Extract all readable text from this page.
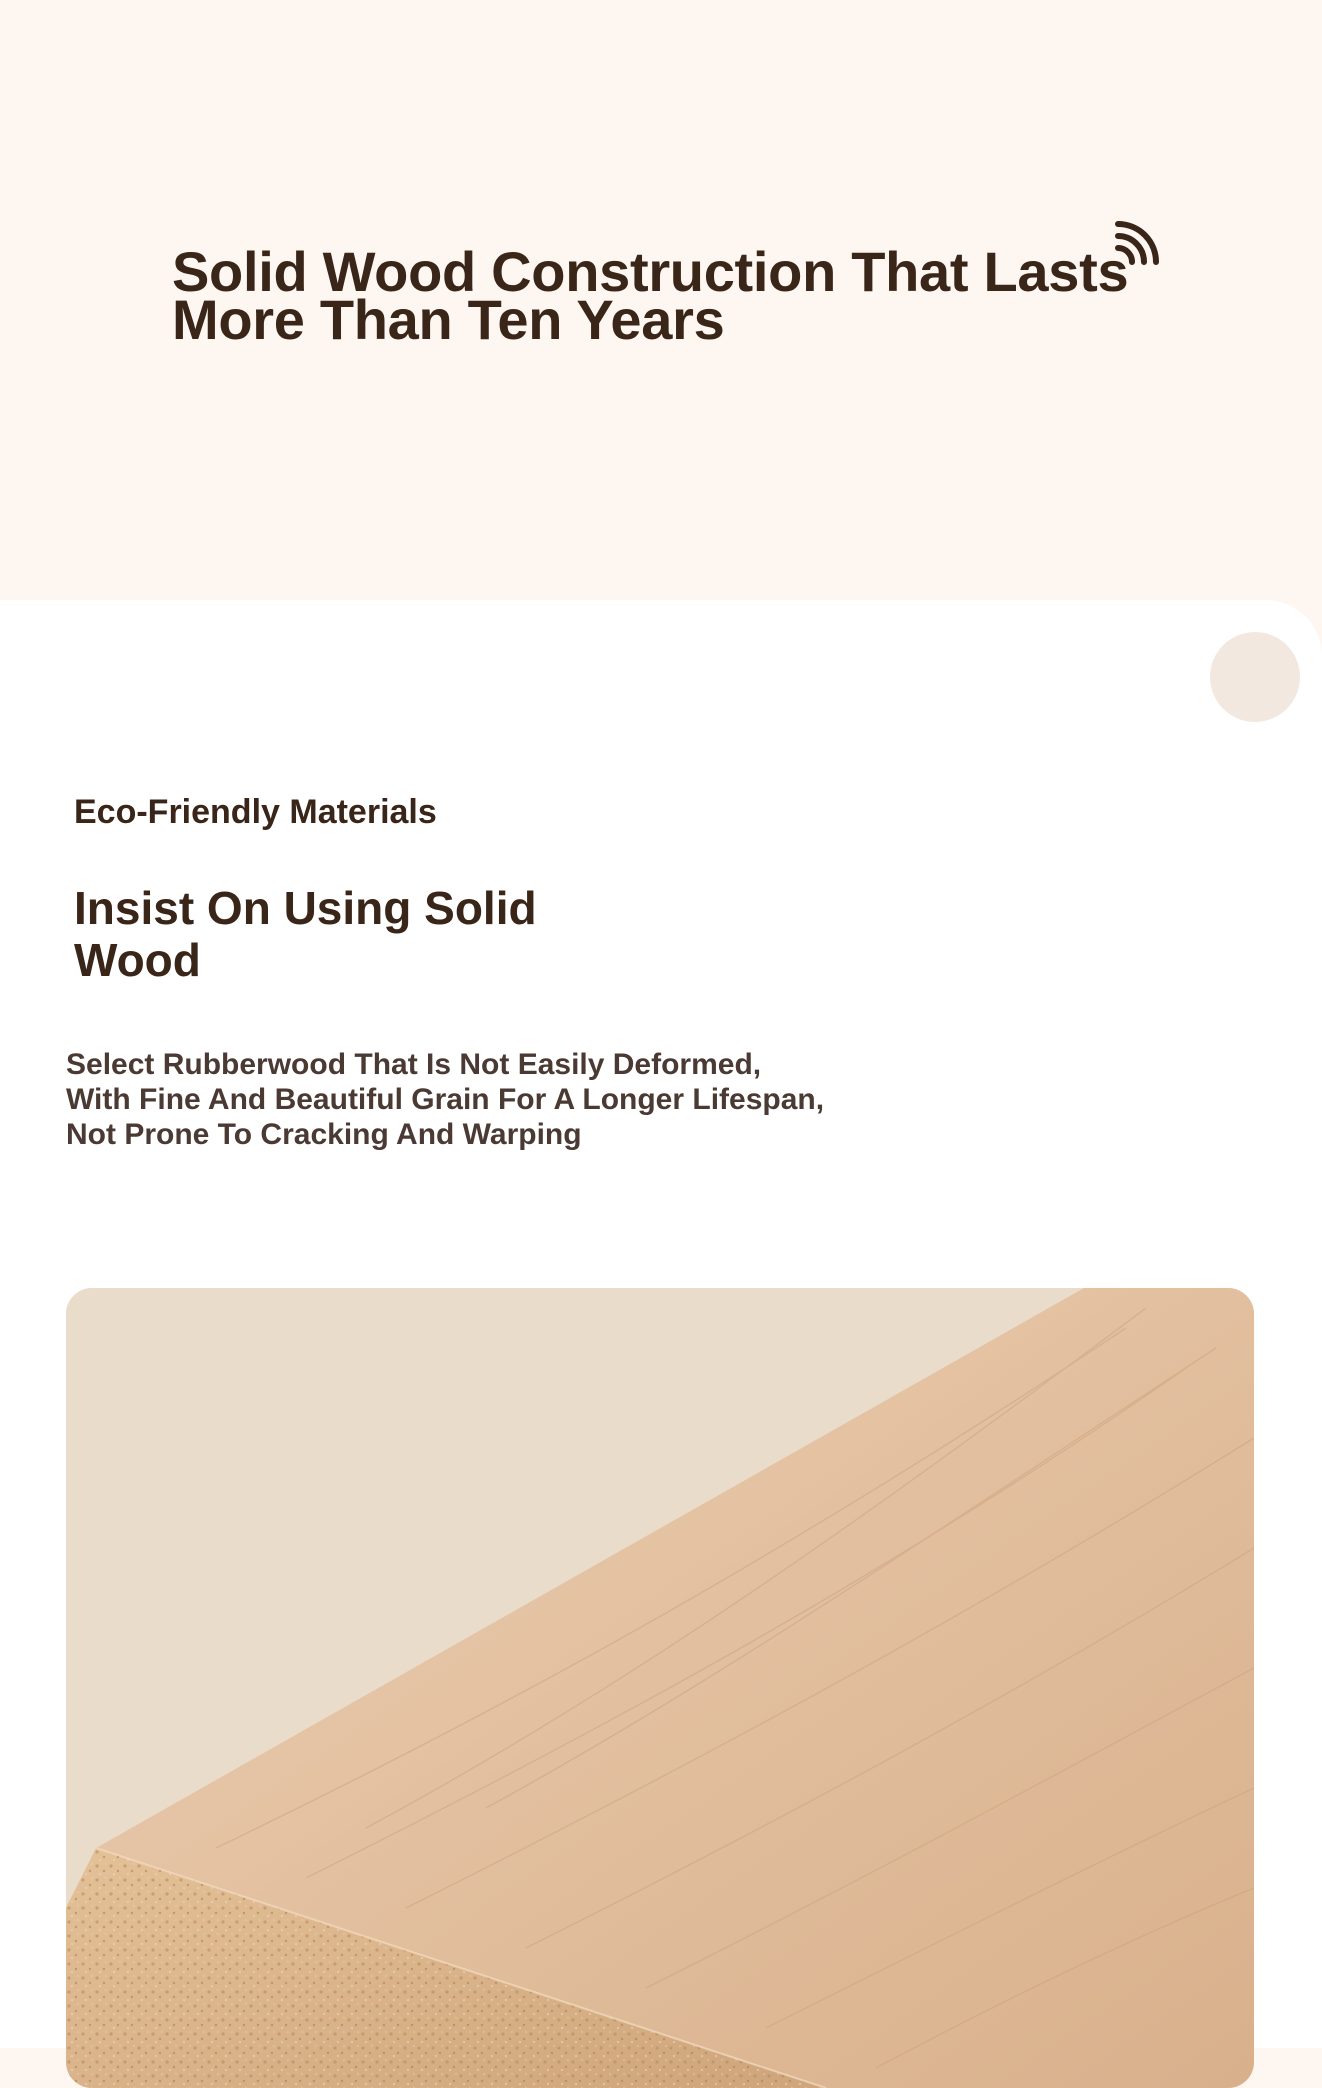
Solid Wood Construction That Lasts More Than Ten Years
Eco-Friendly Materials
Insist On Using Solid Wood

Select Rubberwood That Is Not Easily Deformed, With Fine And Beautiful Grain For A Longer Lifespan, Not Prone To Cracking And Warping
